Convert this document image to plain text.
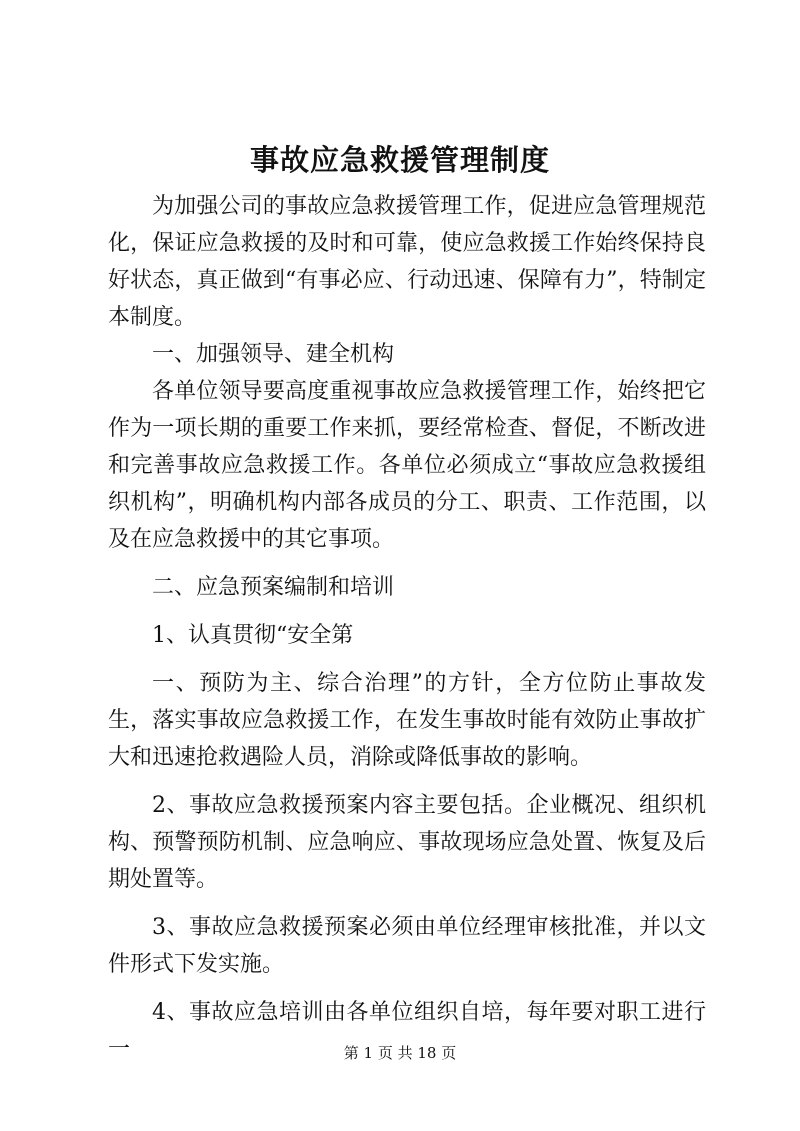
事故应急救援管理制度

为加强公司的事故应急救援管理工作，促进应急管理规范化，保证应急救援的及时和可靠，使应急救援工作始终保持良好状态，真正做到“有事必应、行动迅速、保障有力”，特制定本制度。

一、加强领导、建全机构

各单位领导要高度重视事故应急救援管理工作，始终把它作为一项长期的重要工作来抓，要经常检查、督促，不断改进和完善事故应急救援工作。各单位必须成立“事故应急救援组织机构”，明确机构内部各成员的分工、职责、工作范围，以及在应急救援中的其它事项。

二、应急预案编制和培训

1、认真贯彻“安全第

一、预防为主、综合治理”的方针，全方位防止事故发生，落实事故应急救援工作，在发生事故时能有效防止事故扩大和迅速抢救遇险人员，消除或降低事故的影响。

2、事故应急救援预案内容主要包括。企业概况、组织机构、预警预防机制、应急响应、事故现场应急处置、恢复及后期处置等。

3、事故应急救援预案必须由单位经理审核批准，并以文件形式下发实施。

4、事故应急培训由各单位组织自培，每年要对职工进行一	第 1 页 共 18 页
